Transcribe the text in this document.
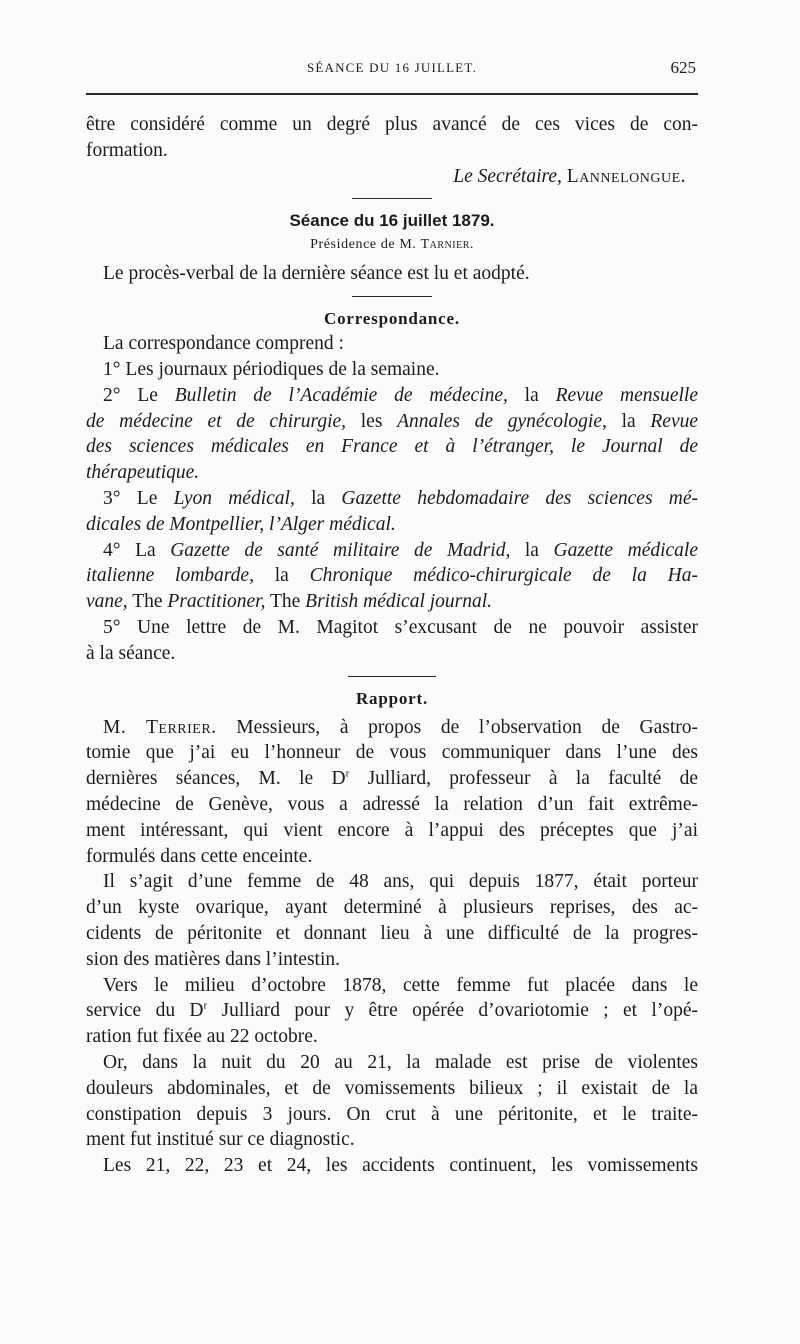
SÉANCE DU 16 JUILLET.	625
être considéré comme un degré plus avancé de ces vices de con-
formation.
Le Secrétaire, Lannelongue.
Séance du 16 juillet 1879.
Présidence de M. Tarnier.
Le procès-verbal de la dernière séance est lu et aodpté.
Correspondance.
La correspondance comprend :
1° Les journaux périodiques de la semaine.
2° Le Bulletin de l’Académie de médecine, la Revue mensuelle
de médecine et de chirurgie, les Annales de gynécologie, la Revue
des sciences médicales en France et à l’étranger, le Journal de
thérapeutique.
3° Le Lyon médical, la Gazette hebdomadaire des sciences mé-
dicales de Montpellier, l’Alger médical.
4° La Gazette de santé militaire de Madrid, la Gazette médicale
italienne lombarde, la Chronique médico-chirurgicale de la Ha-
vane, The Practitioner, The British médical journal.
5° Une lettre de M. Magitot s’excusant de ne pouvoir assister
à la séance.
Rapport.
M. Terrier. Messieurs, à propos de l’observation de Gastro-
tomie que j’ai eu l’honneur de vous communiquer dans l’une des
dernières séances, M. le $D^r$ Julliard, professeur à la faculté de
médecine de Genève, vous a adressé la relation d’un fait extrême-
ment intéressant, qui vient encore à l’appui des préceptes que j’ai
formulés dans cette enceinte.
Il s’agit d’une femme de 48 ans, qui depuis 1877, était porteur
d’un kyste ovarique, ayant determiné à plusieurs reprises, des ac-
cidents de péritonite et donnant lieu à une difficulté de la progres-
sion des matières dans l’intestin.
Vers le milieu d’octobre 1878, cette femme fut placée dans le
service du $D^r$ Julliard pour y être opérée d’ovariotomie ; et l’opé-
ration fut fixée au 22 octobre.
Or, dans la nuit du 20 au 21, la malade est prise de violentes
douleurs abdominales, et de vomissements bilieux ; il existait de la
constipation depuis 3 jours. On crut à une péritonite, et le traite-
ment fut institué sur ce diagnostic.
Les 21, 22, 23 et 24, les accidents continuent, les vomissements
